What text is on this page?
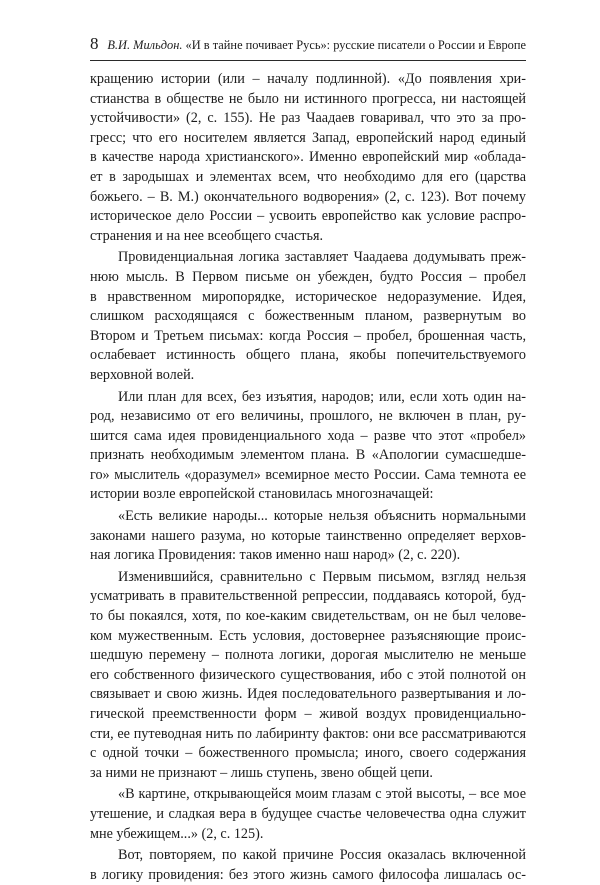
8 В.И. Мильдон. «И в тайне почивает Русь»: русские писатели о России и Европе
кращению истории (или – началу подлинной). «До появления хри-
стианства в обществе не было ни истинного прогресса, ни настоящей
устойчивости» (2, с. 155). Не раз Чаадаев говаривал, что это за про-
гресс; что его носителем является Запад, европейский народ единый
в качестве народа христианского». Именно европейский мир «облада-
ет в зародышах и элементах всем, что необходимо для его (царства
божьего. – В. М.) окончательного водворения» (2, с. 123). Вот почему
историческое дело России – усвоить европейство как условие распро-
странения и на нее всеобщего счастья.
Провиденциальная логика заставляет Чаадаева додумывать преж-
нюю мысль. В Первом письме он убежден, будто Россия – пробел
в нравственном миропорядке, историческое недоразумение. Идея,
слишком расходящаяся с божественным планом, развернутым во
Втором и Третьем письмах: когда Россия – пробел, брошенная часть,
ослабевает истинность общего плана, якобы попечительствуемого
верховной волей.
Или план для всех, без изъятия, народов; или, если хоть один на-
род, независимо от его величины, прошлого, не включен в план, ру-
шится сама идея провиденциального хода – разве что этот «пробел»
признать необходимым элементом плана. В «Апологии сумасшедше-
го» мыслитель «доразумел» всемирное место России. Сама темнота ее
истории возле европейской становилась многозначащей:
«Есть великие народы... которые нельзя объяснить нормальными
законами нашего разума, но которые таинственно определяет верхов-
ная логика Провидения: таков именно наш народ» (2, с. 220).
Изменившийся, сравнительно с Первым письмом, взгляд нельзя
усматривать в правительственной репрессии, поддаваясь которой, буд-
то бы покаялся, хотя, по кое-каким свидетельствам, он не был челове-
ком мужественным. Есть условия, достовернее разъясняющие проис-
шедшую перемену – полнота логики, дорогая мыслителю не меньше
его собственного физического существования, ибо с этой полнотой он
связывает и свою жизнь. Идея последовательного развертывания и ло-
гической преемственности форм – живой воздух провиденциально-
сти, ее путеводная нить по лабиринту фактов: они все рассматриваются
с одной точки – божественного промысла; иного, своего содержания
за ними не признают – лишь ступень, звено общей цепи.
«В картине, открывающейся моим глазам с этой высоты, – все мое
утешение, и сладкая вера в будущее счастье человечества одна служит
мне убежищем...» (2, с. 125).
Вот, повторяем, по какой причине Россия оказалась включенной
в логику провидения: без этого жизнь самого философа лишалась ос-
